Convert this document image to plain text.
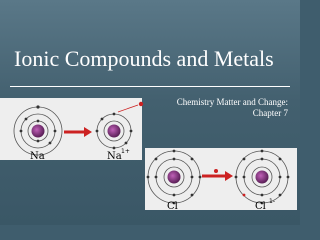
Ionic Compounds and Metals
Chemistry Matter and Change:
Chapter 7
Na	Na 1+
Cl	Cl 1-
